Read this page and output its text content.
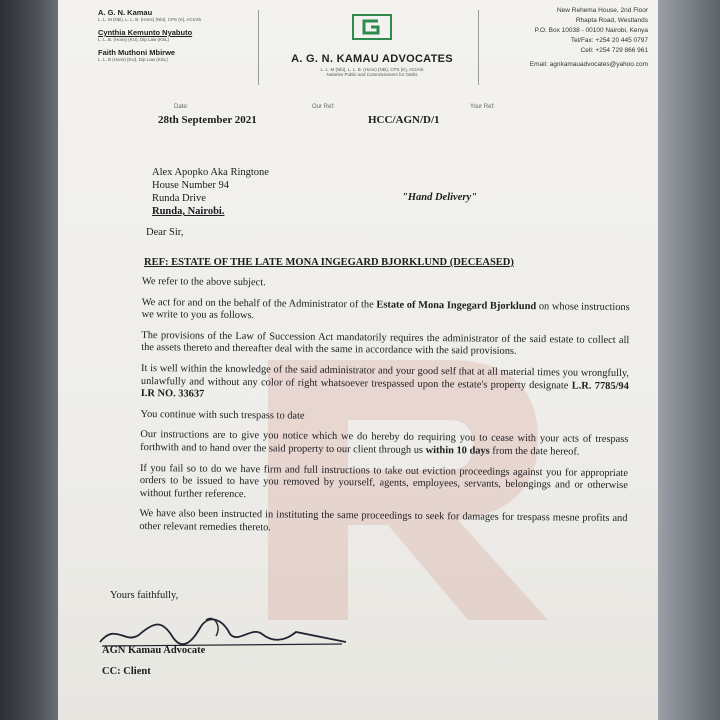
A. G. N. Kamau
L. L. M (Nbi), L. L. B. (Hons) (Nbi), CPS (K), ACIArb
Cynthia Kemunto Nyabuto
L. L. B. (Hons) (KU), Dip Law (KSL)
Faith Muthoni Mbirwe
L. L. B (Hons) (KU), Dip Law (KSL)	A. G. N. KAMAU ADVOCATES
L. L. M (Nbi), L. L. B. (Hons) (Nbi), CPS (K), ACIArb
Notaries Public and Commissioners for Oaths
New Rehema House, 2nd Floor
Rhapta Road, Westlands
P.O. Box 10038 - 00100 Nairobi, Kenya
Tel/Fax: +254 20 445 0797
Cell: +254 729 866 961
Email: agnkamauadvocates@yahoo.com
Date:	Our Ref:	Your Ref:
28th September 2021	HCC/AGN/D/1
Alex Apopko Aka Ringtone
House Number 94
Runda Drive
Runda, Nairobi.
"Hand Delivery"
Dear Sir,
REF: ESTATE OF THE LATE MONA INGEGARD BJORKLUND (DECEASED)

We refer to the above subject.

We act for and on the behalf of the Administrator of the Estate of Mona Ingegard Bjorklund on whose instructions we write to you as follows.

The provisions of the Law of Succession Act mandatorily requires the administrator of the said estate to collect all the assets thereto and thereafter deal with the same in accordance with the said provisions.

It is well within the knowledge of the said administrator and your good self that at all material times you wrongfully, unlawfully and without any color of right whatsoever trespassed upon the estate's property designate L.R. 7785/94 I.R NO. 33637

You continue with such trespass to date

Our instructions are to give you notice which we do hereby do requiring you to cease with your acts of trespass forthwith and to hand over the said property to our client through us within 10 days from the date hereof.

If you fail so to do we have firm and full instructions to take out eviction proceedings against you for appropriate orders to be issued to have you removed by yourself, agents, employees, servants, belongings and or otherwise without further reference.

We have also been instructed in instituting the same proceedings to seek for damages for trespass mesne profits and other relevant remedies thereto.

Yours faithfully,
AGN Kamau Advocate
CC: Client
